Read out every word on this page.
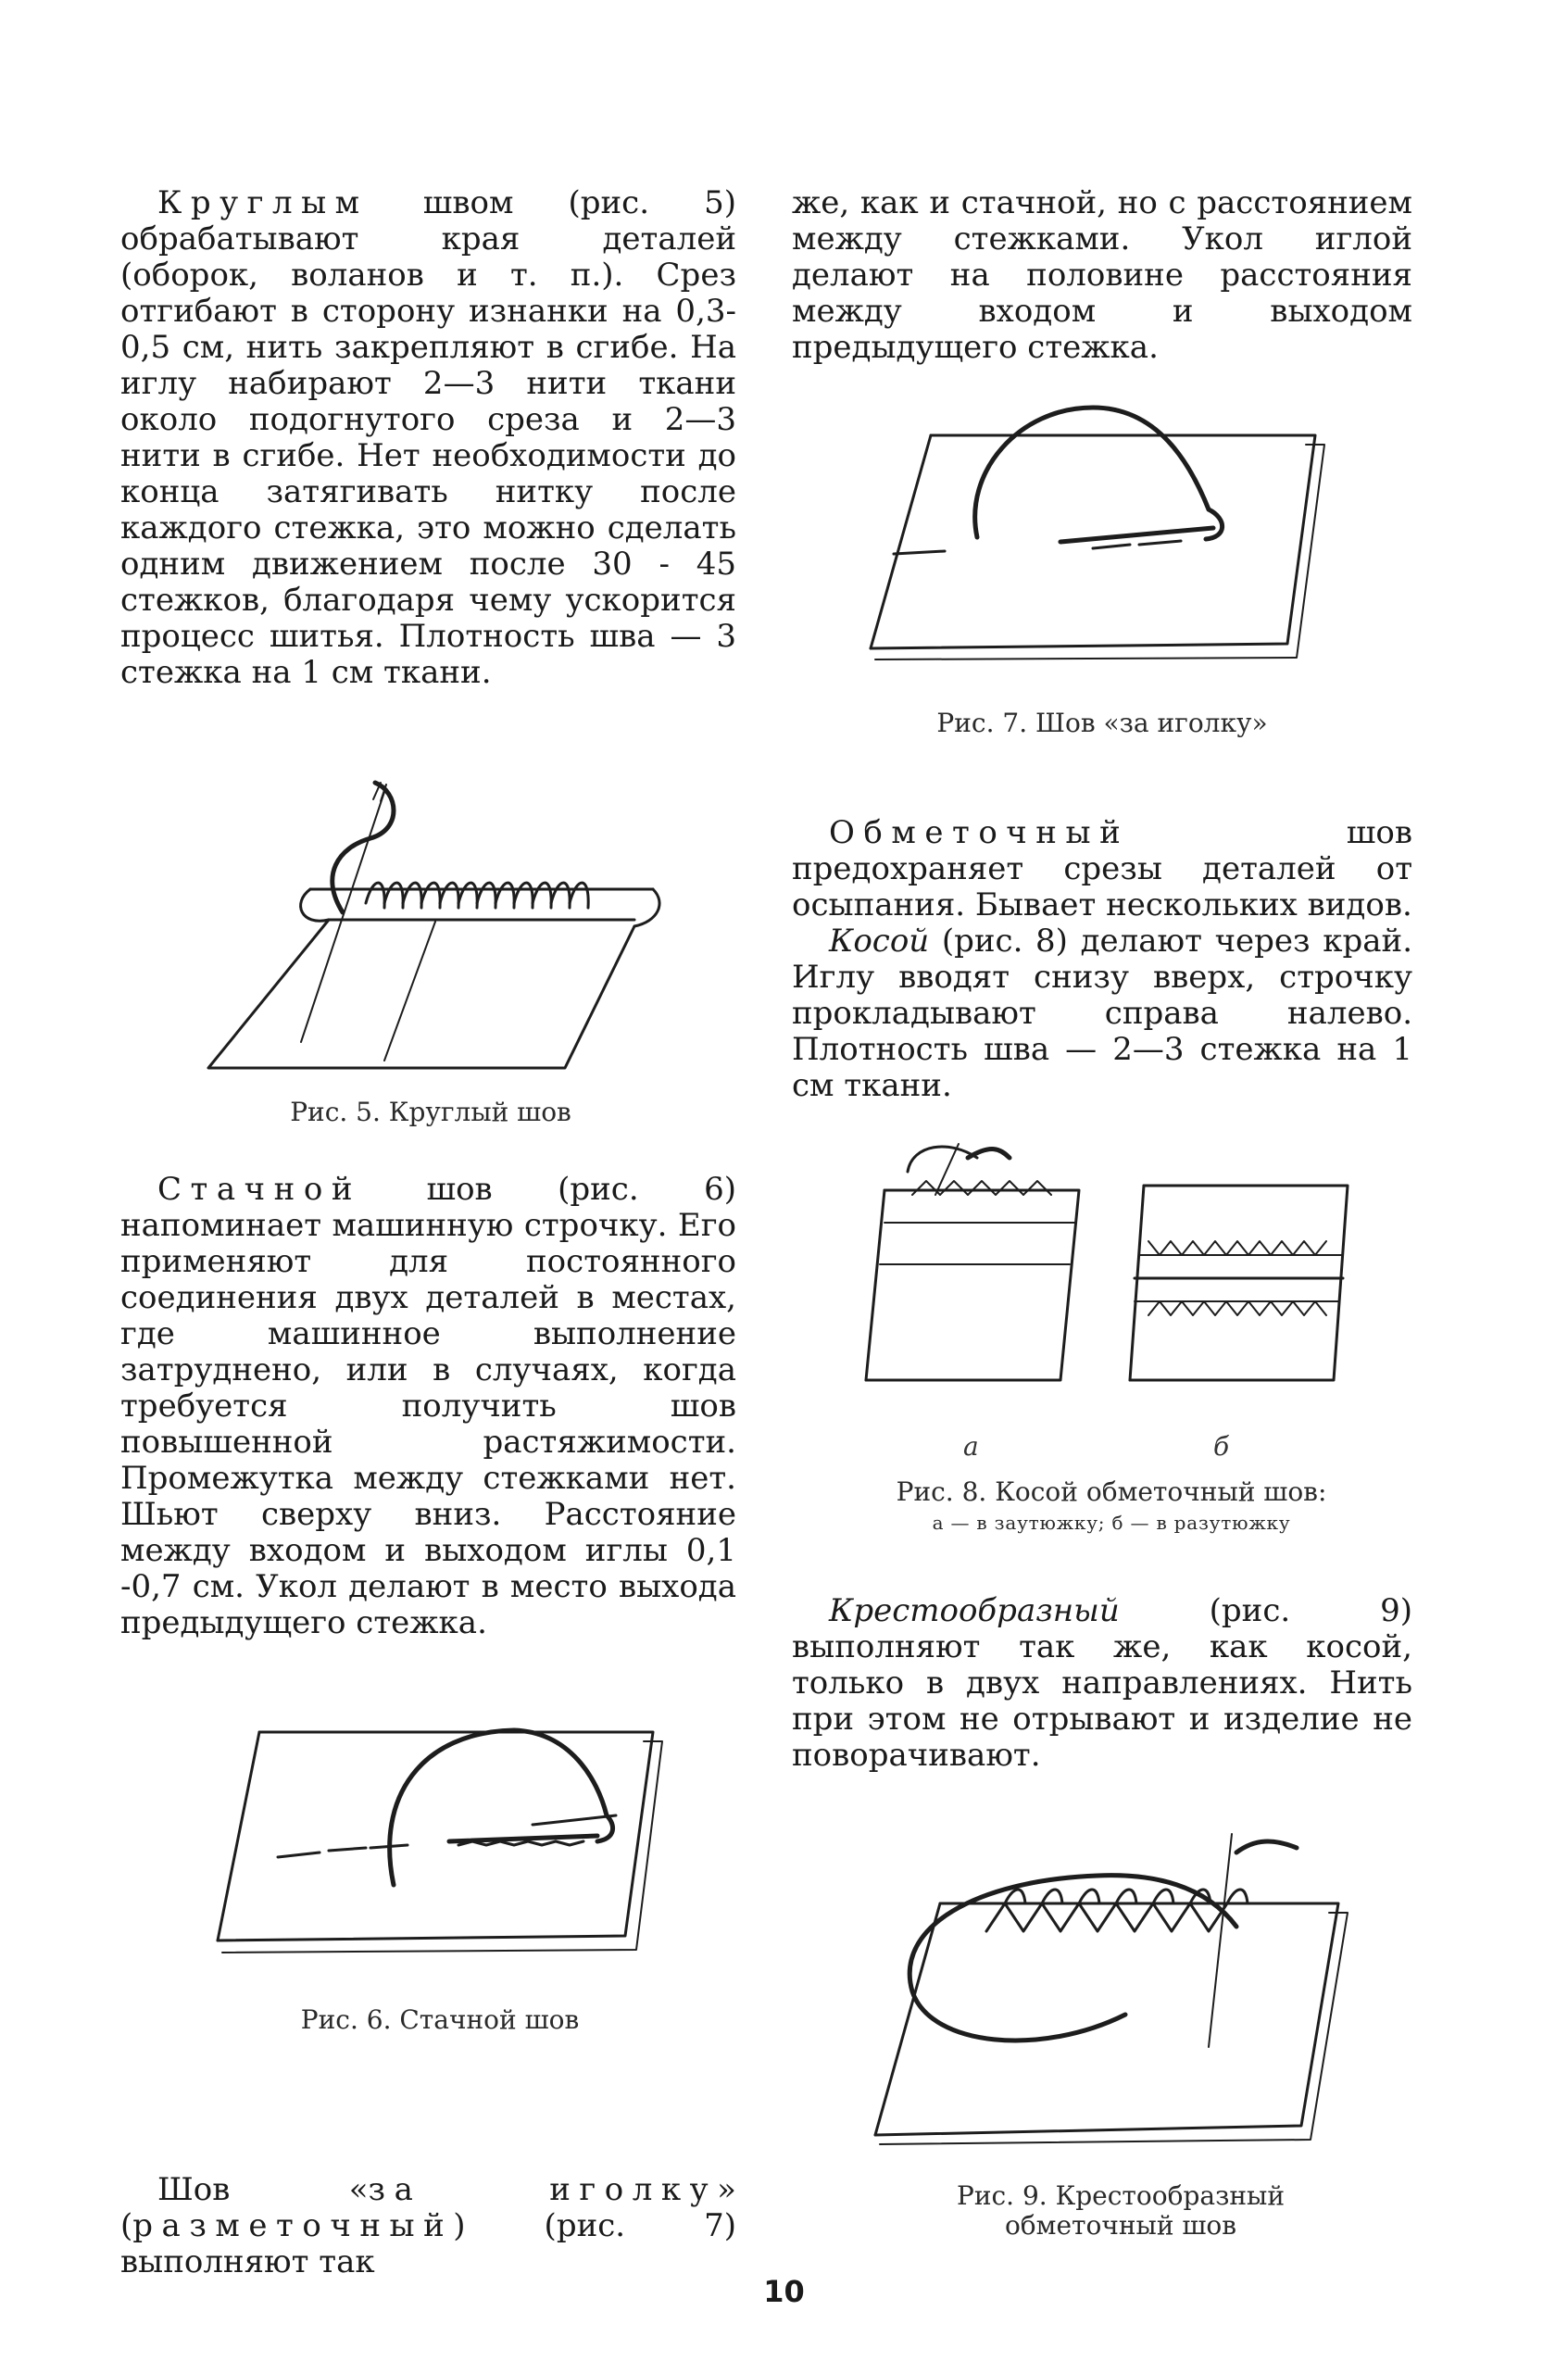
Круглым швом (рис. 5) обрабатывают края деталей (оборок, воланов и т. п.). Срез отгибают в сторону изнанки на 0,3- 0,5 см, нить закрепляют в сгибе. На иглу набирают 2—3 нити ткани около подогнутого среза и 2—3 нити в сгибе. Нет необходимости до конца затягивать нитку после каждого стежка, это можно сделать одним движением после 30 - 45 стежков, благодаря чему ускорится процесс шитья. Плотность шва — 3 стежка на 1 см ткани.

Рис. 5. Круглый шов

Стачной шов (рис. 6) напоминает машинную строчку. Его применяют для постоянного соединения двух деталей в местах, где машинное выполнение затруднено, или в случаях, когда требуется получить шов повышенной растяжимости. Промежутка между стежками нет. Шьют сверху вниз. Расстояние между входом и выходом иглы 0,1 -0,7 см. Укол делают в место выхода предыдущего стежка.

Рис. 6. Стачной шов

Шов «за иголку» (разметочный) (рис. 7) выполняют так

же, как и стачной, но с расстоянием между стежками. Укол иглой делают на половине расстояния между входом и выходом предыдущего стежка.

Рис. 7. Шов «за иголку»

Обметочный шов предохраняет срезы деталей от осыпания. Бывает нескольких видов.

Косой (рис. 8) делают через край. Иглу вводят снизу вверх, строчку прокладывают справа налево. Плотность шва — 2—3 стежка на 1 см ткани.

а	б
Рис. 8. Косой обметочный шов:
а — в заутюжку; б — в разутюжку

Крестообразный (рис. 9) выполняют так же, как косой, только в двух направлениях. Нить при этом не отрывают и изделие не поворачивают.

Рис. 9. Крестообразный
обметочный шов
10
